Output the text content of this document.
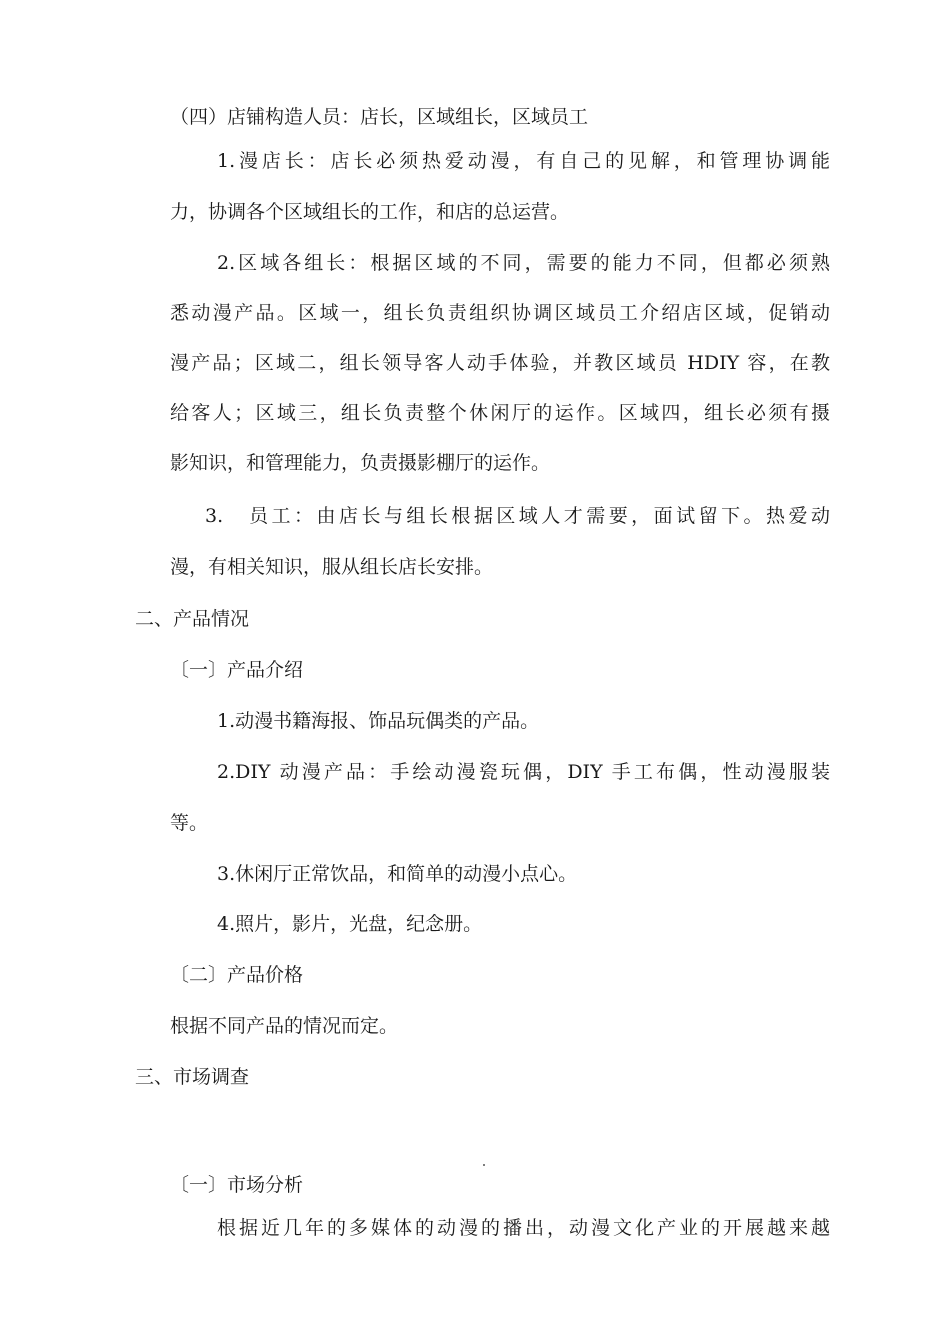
（四）店铺构造人员：店长，区域组长，区域员工

1.漫店长：店长必须热爱动漫，有自己的见解，和管理协调能

力，协调各个区域组长的工作，和店的总运营。

2.区域各组长：根据区域的不同，需要的能力不同，但都必须熟

悉动漫产品。区域一，组长负责组织协调区域员工介绍店区域，促销动

漫产品；区域二，组长领导客人动手体验，并教区域员 HDIY 容，在教

给客人；区域三，组长负责整个休闲厅的运作。区域四，组长必须有摄

影知识，和管理能力，负责摄影棚厅的运作。

3.　员工：由店长与组长根据区域人才需要，面试留下。热爱动

漫，有相关知识，服从组长店长安排。

二、产品情况

〔一〕产品介绍

1.动漫书籍海报、饰品玩偶类的产品。

2.DIY 动漫产品：手绘动漫瓷玩偶，DIY 手工布偶，性动漫服装

等。

3.休闲厅正常饮品，和简单的动漫小点心。

4.照片，影片，光盘，纪念册。

〔二〕产品价格

根据不同产品的情况而定。

三、市场调查

〔一〕市场分析

根据近几年的多媒体的动漫的播出，动漫文化产业的开展越来越
